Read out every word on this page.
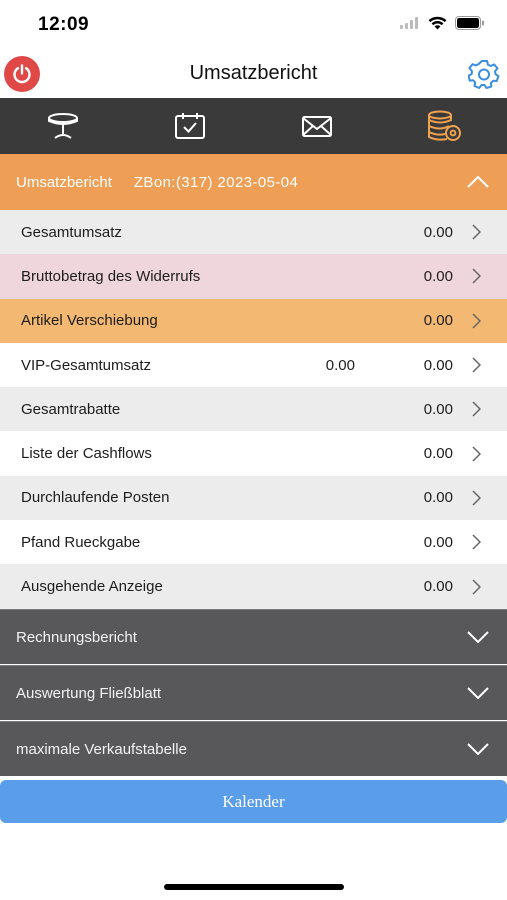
12:09
Umsatzbericht
Umsatzbericht ZBon:(317) 2023-05-04
Gesamtumsatz	0.00
Bruttobetrag des Widerrufs	0.00
Artikel Verschiebung	0.00
VIP-Gesamtumsatz	0.00	0.00
Gesamtrabatte	0.00
Liste der Cashflows	0.00
Durchlaufende Posten	0.00
Pfand Rueckgabe	0.00
Ausgehende Anzeige	0.00
Rechnungsbericht
Auswertung Fließblatt
maximale Verkaufstabelle
Kalender
